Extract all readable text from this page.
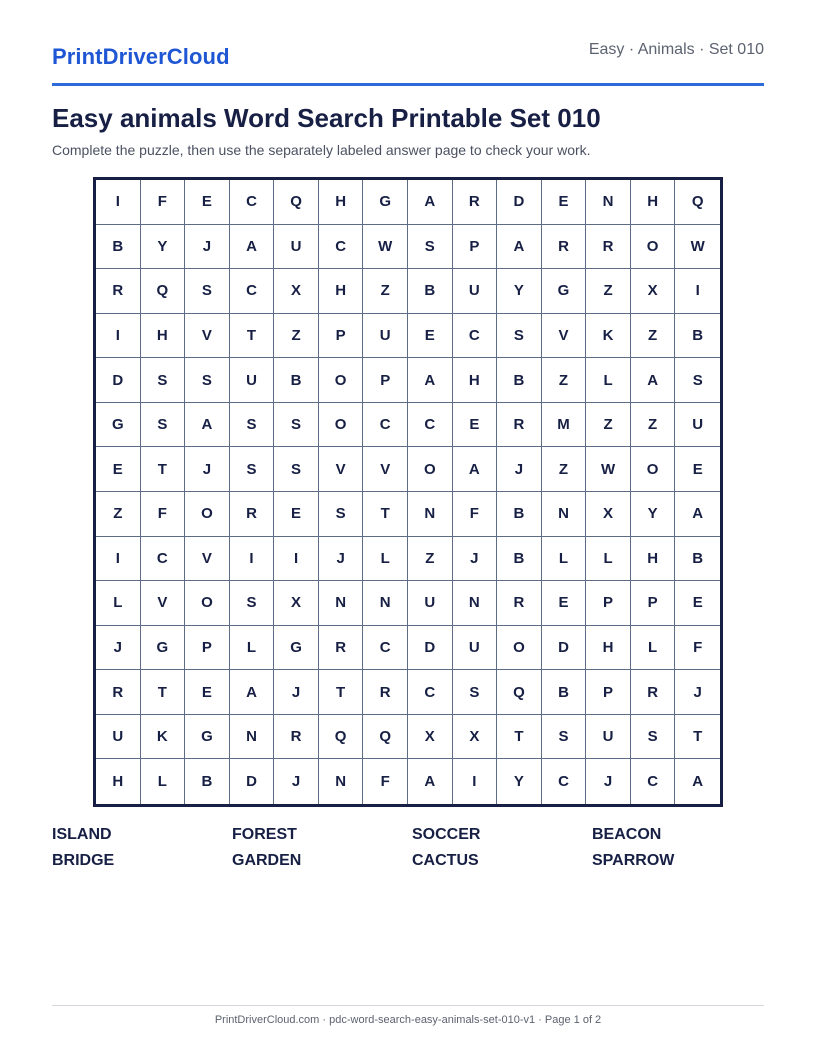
PrintDriverCloud	Easy · Animals · Set 010
Easy animals Word Search Printable Set 010

Complete the puzzle, then use the separately labeled answer page to check your work.

I	F	E	C	Q	H	G	A	R	D	E	N	H	Q
B	Y	J	A	U	C	W	S	P	A	R	R	O	W
R	Q	S	C	X	H	Z	B	U	Y	G	Z	X	I
I	H	V	T	Z	P	U	E	C	S	V	K	Z	B
D	S	S	U	B	O	P	A	H	B	Z	L	A	S
G	S	A	S	S	O	C	C	E	R	M	Z	Z	U
E	T	J	S	S	V	V	O	A	J	Z	W	O	E
Z	F	O	R	E	S	T	N	F	B	N	X	Y	A
I	C	V	I	I	J	L	Z	J	B	L	L	H	B
L	V	O	S	X	N	N	U	N	R	E	P	P	E
J	G	P	L	G	R	C	D	U	O	D	H	L	F
R	T	E	A	J	T	R	C	S	Q	B	P	R	J
U	K	G	N	R	Q	Q	X	X	T	S	U	S	T
H	L	B	D	J	N	F	A	I	Y	C	J	C	A
ISLAND	FOREST	SOCCER	BEACON
BRIDGE	GARDEN	CACTUS	SPARROW
PrintDriverCloud.com · pdc-word-search-easy-animals-set-010-v1 · Page 1 of 2
